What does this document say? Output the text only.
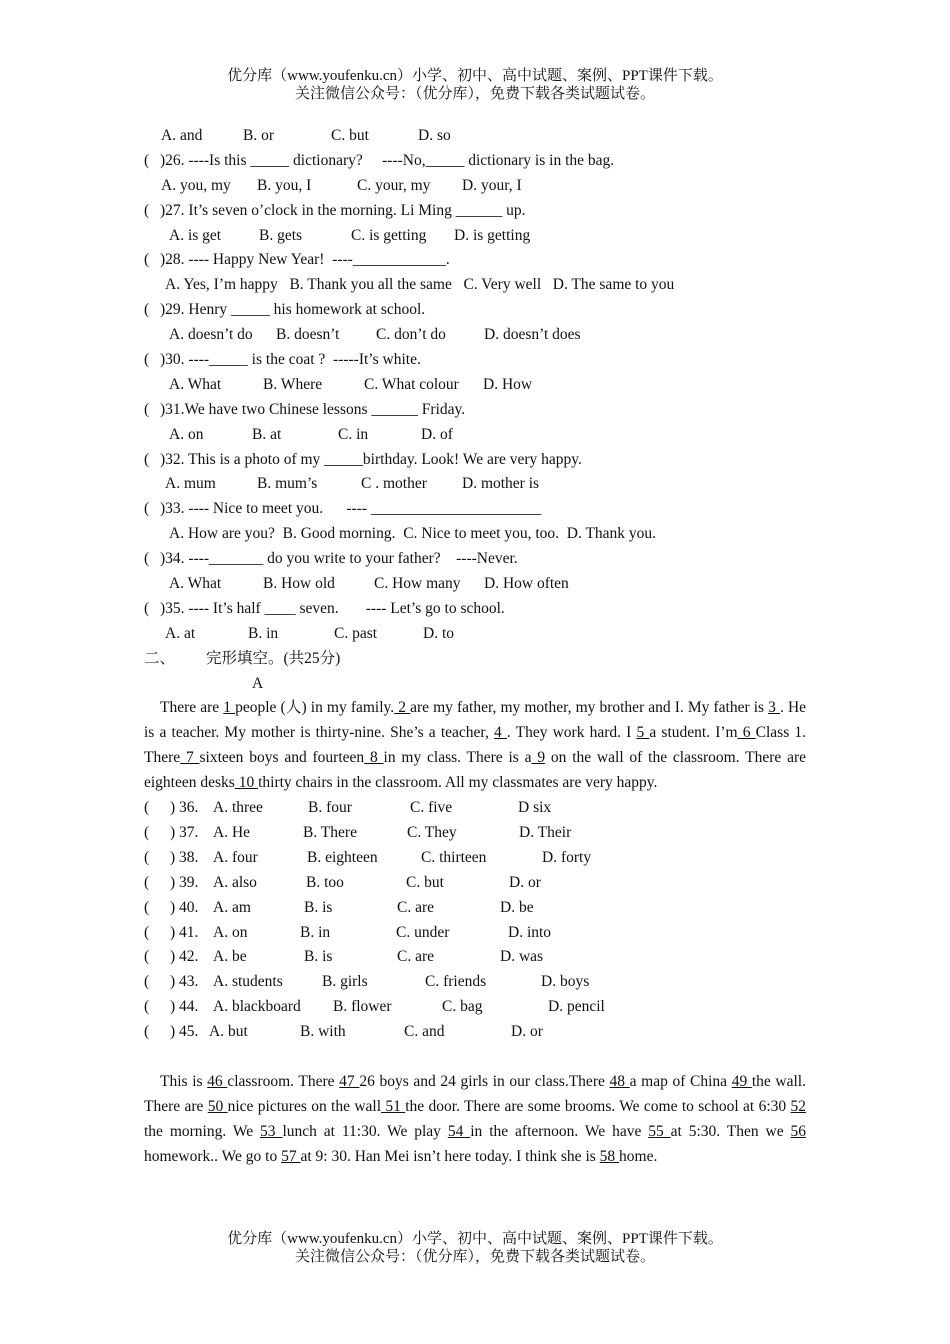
优分库（www.youfenku.cn）小学、初中、高中试题、案例、PPT课件下载。
关注微信公众号：（优分库），免费下载各类试题试卷。

A. and

	B. or

	C. but

	D. so

( )26. ----Is this _____ dictionary?     ----No,_____ dictionary is in the bag.
A. you, my B. you, I	C. your, my D. your, I
( )27. It’s seven o’clock in the morning. Li Ming ______ up.
A. is get B. gets	C. is getting D. is getting
( )28. ---- Happy New Year!  ----____________.
A. Yes, I’m happy B. Thank you all the same C. Very well D. The same to you
( )29. Henry _____ his homework at school.
A. doesn’t do B. doesn’t C. don’t do D. doesn’t does
( )30. ----_____ is the coat ?  -----It’s white.
A. What	B. Where	C. What colour D. How
( )31.We have two Chinese lessons ______ Friday.
A. on	B. at	C. in	D. of
( )32. This is a photo of my _____birthday. Look! We are very happy.
A. mum	B. mum’s	C . mother D. mother is
( )33. ---- Nice to meet you.      ---- ______________________
A. How are you? B. Good morning. C. Nice to meet you, too. D. Thank you.
( )34. ----_______ do you write to your father?    ----Never.
A. What	B. How old	C. How many D. How often
( )35. ---- It’s half ____ seven.       ---- Let’s go to school.
A. at	B. in	C. past	D. to
二、        完形填空。(共25分)
A
There are 1 people (人) in my family. 2 are my father, my mother, my brother and I. My father is 3 . He is a teacher. My mother is thirty-nine. She’s a teacher, 4 . They work hard. I 5 a student. I’m 6 Class 1. There 7 sixteen boys and fourteen 8 in my class. There is a 9 on the wall of the classroom. There are eighteen desks 10 thirty chairs in the classroom. All my classmates are very happy.
( ) 36. A. three	B. four	C. five	D six
( ) 37. A. He	B. There	C. They	D. Their
( ) 38. A. four	B. eighteen	C. thirteen	D. forty
( ) 39. A. also	B. too	C. but	D. or
( ) 40. A. am	B. is	C. are	D. be
( ) 41. A. on	B. in	C. under	D. into
( ) 42. A. be	B. is	C. are	D. was
( ) 43. A. students	B. girls	C. friends	D. boys
( ) 44. A. blackboard B. flower	C. bag	D. pencil
( ) 45. A. but	B. with	C. and	D. or
This is 46 classroom. There 47 26 boys and 24 girls in our class.There 48 a map of China 49 the wall. There are 50 nice pictures on the wall 51 the door. There are some brooms. We come to school at 6:30 52 the morning. We 53 lunch at 11:30. We play 54 in the afternoon. We have 55 at 5:30. Then we 56 homework.. We go to 57 at 9: 30. Han Mei isn’t here today. I think she is 58 home.
优分库（www.youfenku.cn）小学、初中、高中试题、案例、PPT课件下载。
关注微信公众号：（优分库），免费下载各类试题试卷。
